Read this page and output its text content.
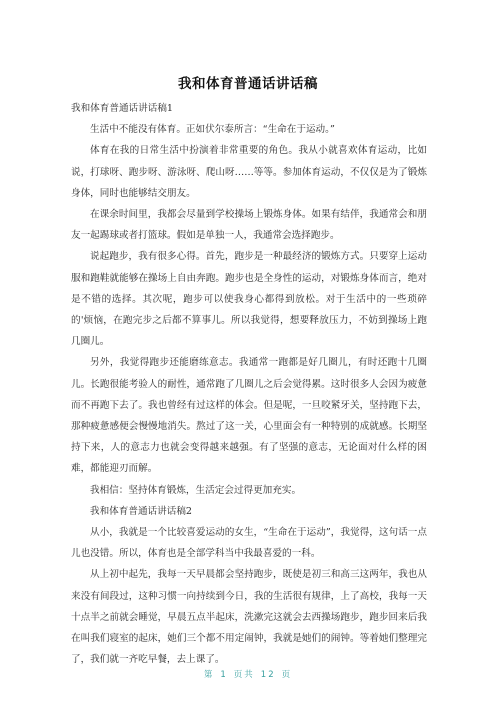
我和体育普通话讲话稿

我和体育普通话讲话稿1

生活中不能没有体育。正如伏尔泰所言：“生命在于运动。”

体育在我的日常生活中扮演着非常重要的角色。我从小就喜欢体育运动，比如说，打球呀、跑步呀、游泳呀、爬山呀……等等。参加体育运动，不仅仅是为了锻炼身体，同时也能够结交朋友。

在课余时间里，我都会尽量到学校操场上锻炼身体。如果有结伴，我通常会和朋友一起踢球或者打篮球。假如是单独一人，我通常会选择跑步。

说起跑步，我有很多心得。首先，跑步是一种最经济的锻炼方式。只要穿上运动服和跑鞋就能够在操场上自由奔跑。跑步也是全身性的运动，对锻炼身体而言，绝对是不错的选择。其次呢，跑步可以使我身心都得到放松。对于生活中的一些琐碎的'烦恼，在跑完步之后都不算事儿。所以我觉得，想要释放压力，不妨到操场上跑几圈儿。

另外，我觉得跑步还能磨练意志。我通常一跑都是好几圈儿，有时还跑十几圈儿。长跑很能考验人的耐性，通常跑了几圈儿之后会觉得累。这时很多人会因为疲惫而不再跑下去了。我也曾经有过这样的体会。但是呢，一旦咬紧牙关，坚持跑下去，那种疲惫感便会慢慢地消失。熬过了这一关，心里面会有一种特别的成就感。长期坚持下来，人的意志力也就会变得越来越强。有了坚强的意志，无论面对什么样的困难，都能迎刃而解。

我相信：坚持体育锻炼，生活定会过得更加充实。

我和体育普通话讲话稿2

从小，我就是一个比较喜爱运动的女生，“生命在于运动”，我觉得，这句话一点儿也没错。所以，体育也是全部学科当中我最喜爱的一科。

从上初中起先，我每一天早晨都会坚持跑步，既使是初三和高三这两年，我也从来没有间段过，这种习惯一向持续到今日，我的生活很有规律，上了高校，我每一天十点半之前就会睡觉，早晨五点半起床，洗漱完这就会去西操场跑步，跑步回来后我在叫我们寝室的起床，她们三个都不用定闹钟，我就是她们的闹钟。等着她们整理完了，我们就一齐吃早餐，去上课了。

第 1 页共 12 页
